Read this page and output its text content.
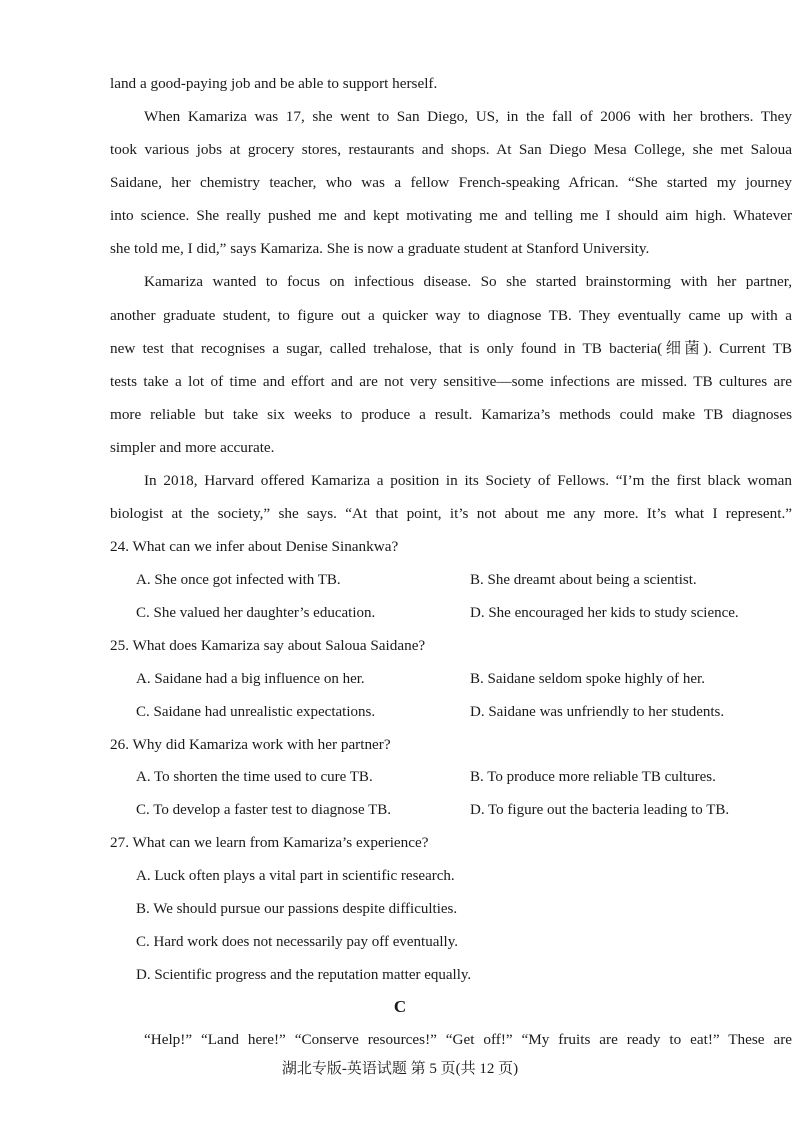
land a good-paying job and be able to support herself.
When Kamariza was 17, she went to San Diego, US, in the fall of 2006 with her brothers. They
took various jobs at grocery stores, restaurants and shops. At San Diego Mesa College, she met Saloua
Saidane, her chemistry teacher, who was a fellow French-speaking African. “She started my journey
into science. She really pushed me and kept motivating me and telling me I should aim high. Whatever
she told me, I did,” says Kamariza. She is now a graduate student at Stanford University.
Kamariza wanted to focus on infectious disease. So she started brainstorming with her partner,
another graduate student, to figure out a quicker way to diagnose TB. They eventually came up with a
new test that recognises a sugar, called trehalose, that is only found in TB bacteria(细菌). Current TB
tests take a lot of time and effort and are not very sensitive—some infections are missed. TB cultures are
more reliable but take six weeks to produce a result. Kamariza’s methods could make TB diagnoses
simpler and more accurate.
In 2018, Harvard offered Kamariza a position in its Society of Fellows. “I’m the first black woman
biologist at the society,” she says. “At that point, it’s not about me any more. It’s what I represent.”
24. What can we infer about Denise Sinankwa?
A. She once got infected with TB.	B. She dreamt about being a scientist.
C. She valued her daughter’s education.	D. She encouraged her kids to study science.
25. What does Kamariza say about Saloua Saidane?
A. Saidane had a big influence on her.	B. Saidane seldom spoke highly of her.
C. Saidane had unrealistic expectations.	D. Saidane was unfriendly to her students.
26. Why did Kamariza work with her partner?
A. To shorten the time used to cure TB.	B. To produce more reliable TB cultures.
C. To develop a faster test to diagnose TB.	D. To figure out the bacteria leading to TB.
27. What can we learn from Kamariza’s experience?
A. Luck often plays a vital part in scientific research.
B. We should pursue our passions despite difficulties.
C. Hard work does not necessarily pay off eventually.
D. Scientific progress and the reputation matter equally.
C
“Help!” “Land here!” “Conserve resources!” “Get off!” “My fruits are ready to eat!” These are
湖北专版-英语试题 第 5 页(共 12 页)
